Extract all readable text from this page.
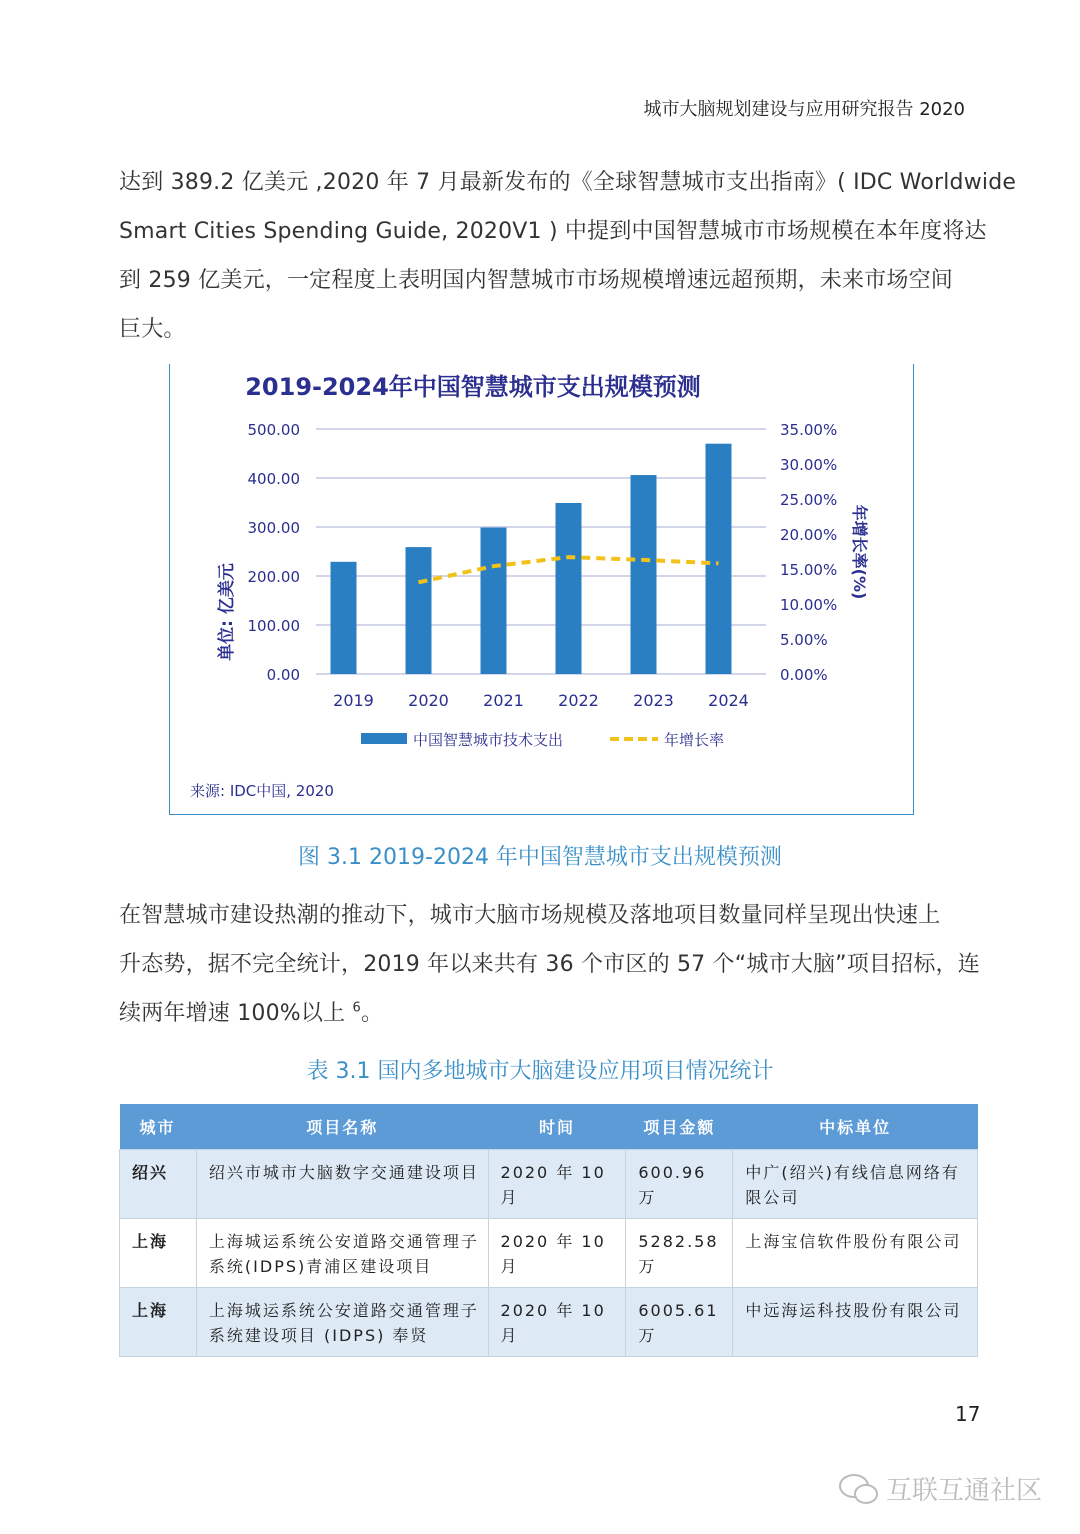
城市大脑规划建设与应用研究报告 2020
达到 389.2 亿美元 ,2020 年 7 月最新发布的《全球智慧城市支出指南》( IDC Worldwide
Smart Cities Spending Guide, 2020V1 ) 中提到中国智慧城市市场规模在本年度将达
到 259 亿美元，一定程度上表明国内智慧城市市场规模增速远超预期，未来市场空间
巨大。
2019-2024年中国智慧城市支出规模预测
0.00
100.00
200.00
300.00
400.00
500.00
0.00%
5.00%
10.00%
15.00%
20.00%
25.00%
30.00%
35.00%
2019 2020 2021 2022 2023 2024
单位: 亿美元
年增长率(%)
中国智慧城市技术支出	年增长率
来源: IDC中国, 2020
图 3.1 2019-2024 年中国智慧城市支出规模预测
在智慧城市建设热潮的推动下，城市大脑市场规模及落地项目数量同样呈现出快速上
升态势，据不完全统计，2019 年以来共有 36 个市区的 57 个“城市大脑”项目招标，连
续两年增速 100%以上 $^6$。
表 3.1 国内多地城市大脑建设应用项目情况统计
城市	项目名称	时间	项目金额	中标单位
绍兴	绍兴市城市大脑数字交通建设项目	2020 年 10 月	600.96 万	中广(绍兴)有线信息网络有限公司
上海	上海城运系统公安道路交通管理子系统(IDPS)青浦区建设项目	2020 年 10 月	5282.58 万	上海宝信软件股份有限公司
上海	上海城运系统公安道路交通管理子系统建设项目 (IDPS) 奉贤	2020 年 10 月	6005.61 万	中远海运科技股份有限公司
17
互联互通社区
